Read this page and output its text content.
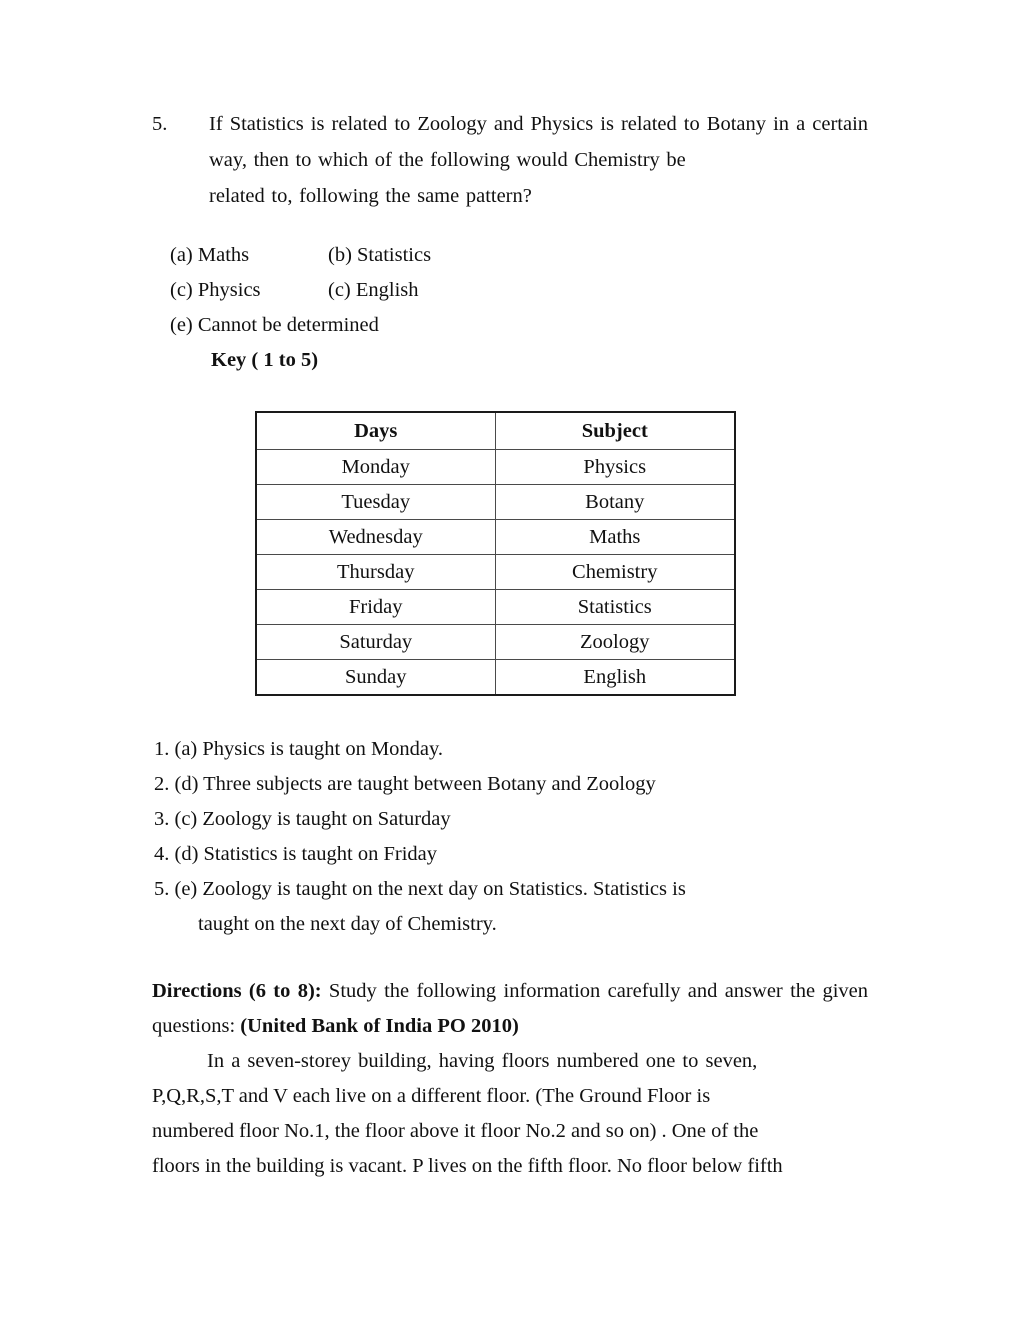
5.	If Statistics is related to Zoology and Physics is related to Botany in a certain way, then to which of the following would Chemistry be
related to, following the same pattern?
(a) Maths	(b) Statistics
(c) Physics	(c) English
(e) Cannot be determined
Key ( 1 to 5)
Days	Subject
Monday	Physics
Tuesday	Botany
Wednesday	Maths
Thursday	Chemistry
Friday	Statistics
Saturday	Zoology
Sunday	English
1. (a) Physics is taught on Monday.
2. (d) Three subjects are taught between Botany and Zoology
3. (c) Zoology is taught on Saturday
4. (d) Statistics is taught on Friday
5. (e) Zoology is taught on the next day on Statistics. Statistics is
taught on the next day of Chemistry.
Directions (6 to 8): Study the following information carefully and answer the given questions: (United Bank of India PO 2010)
In a seven-storey building, having floors numbered one to seven,
P,Q,R,S,T and V each live on a different floor. (The Ground Floor is
numbered floor No.1, the floor above it floor No.2 and so on) . One of the
floors in the building is vacant. P lives on the fifth floor. No floor below fifth
